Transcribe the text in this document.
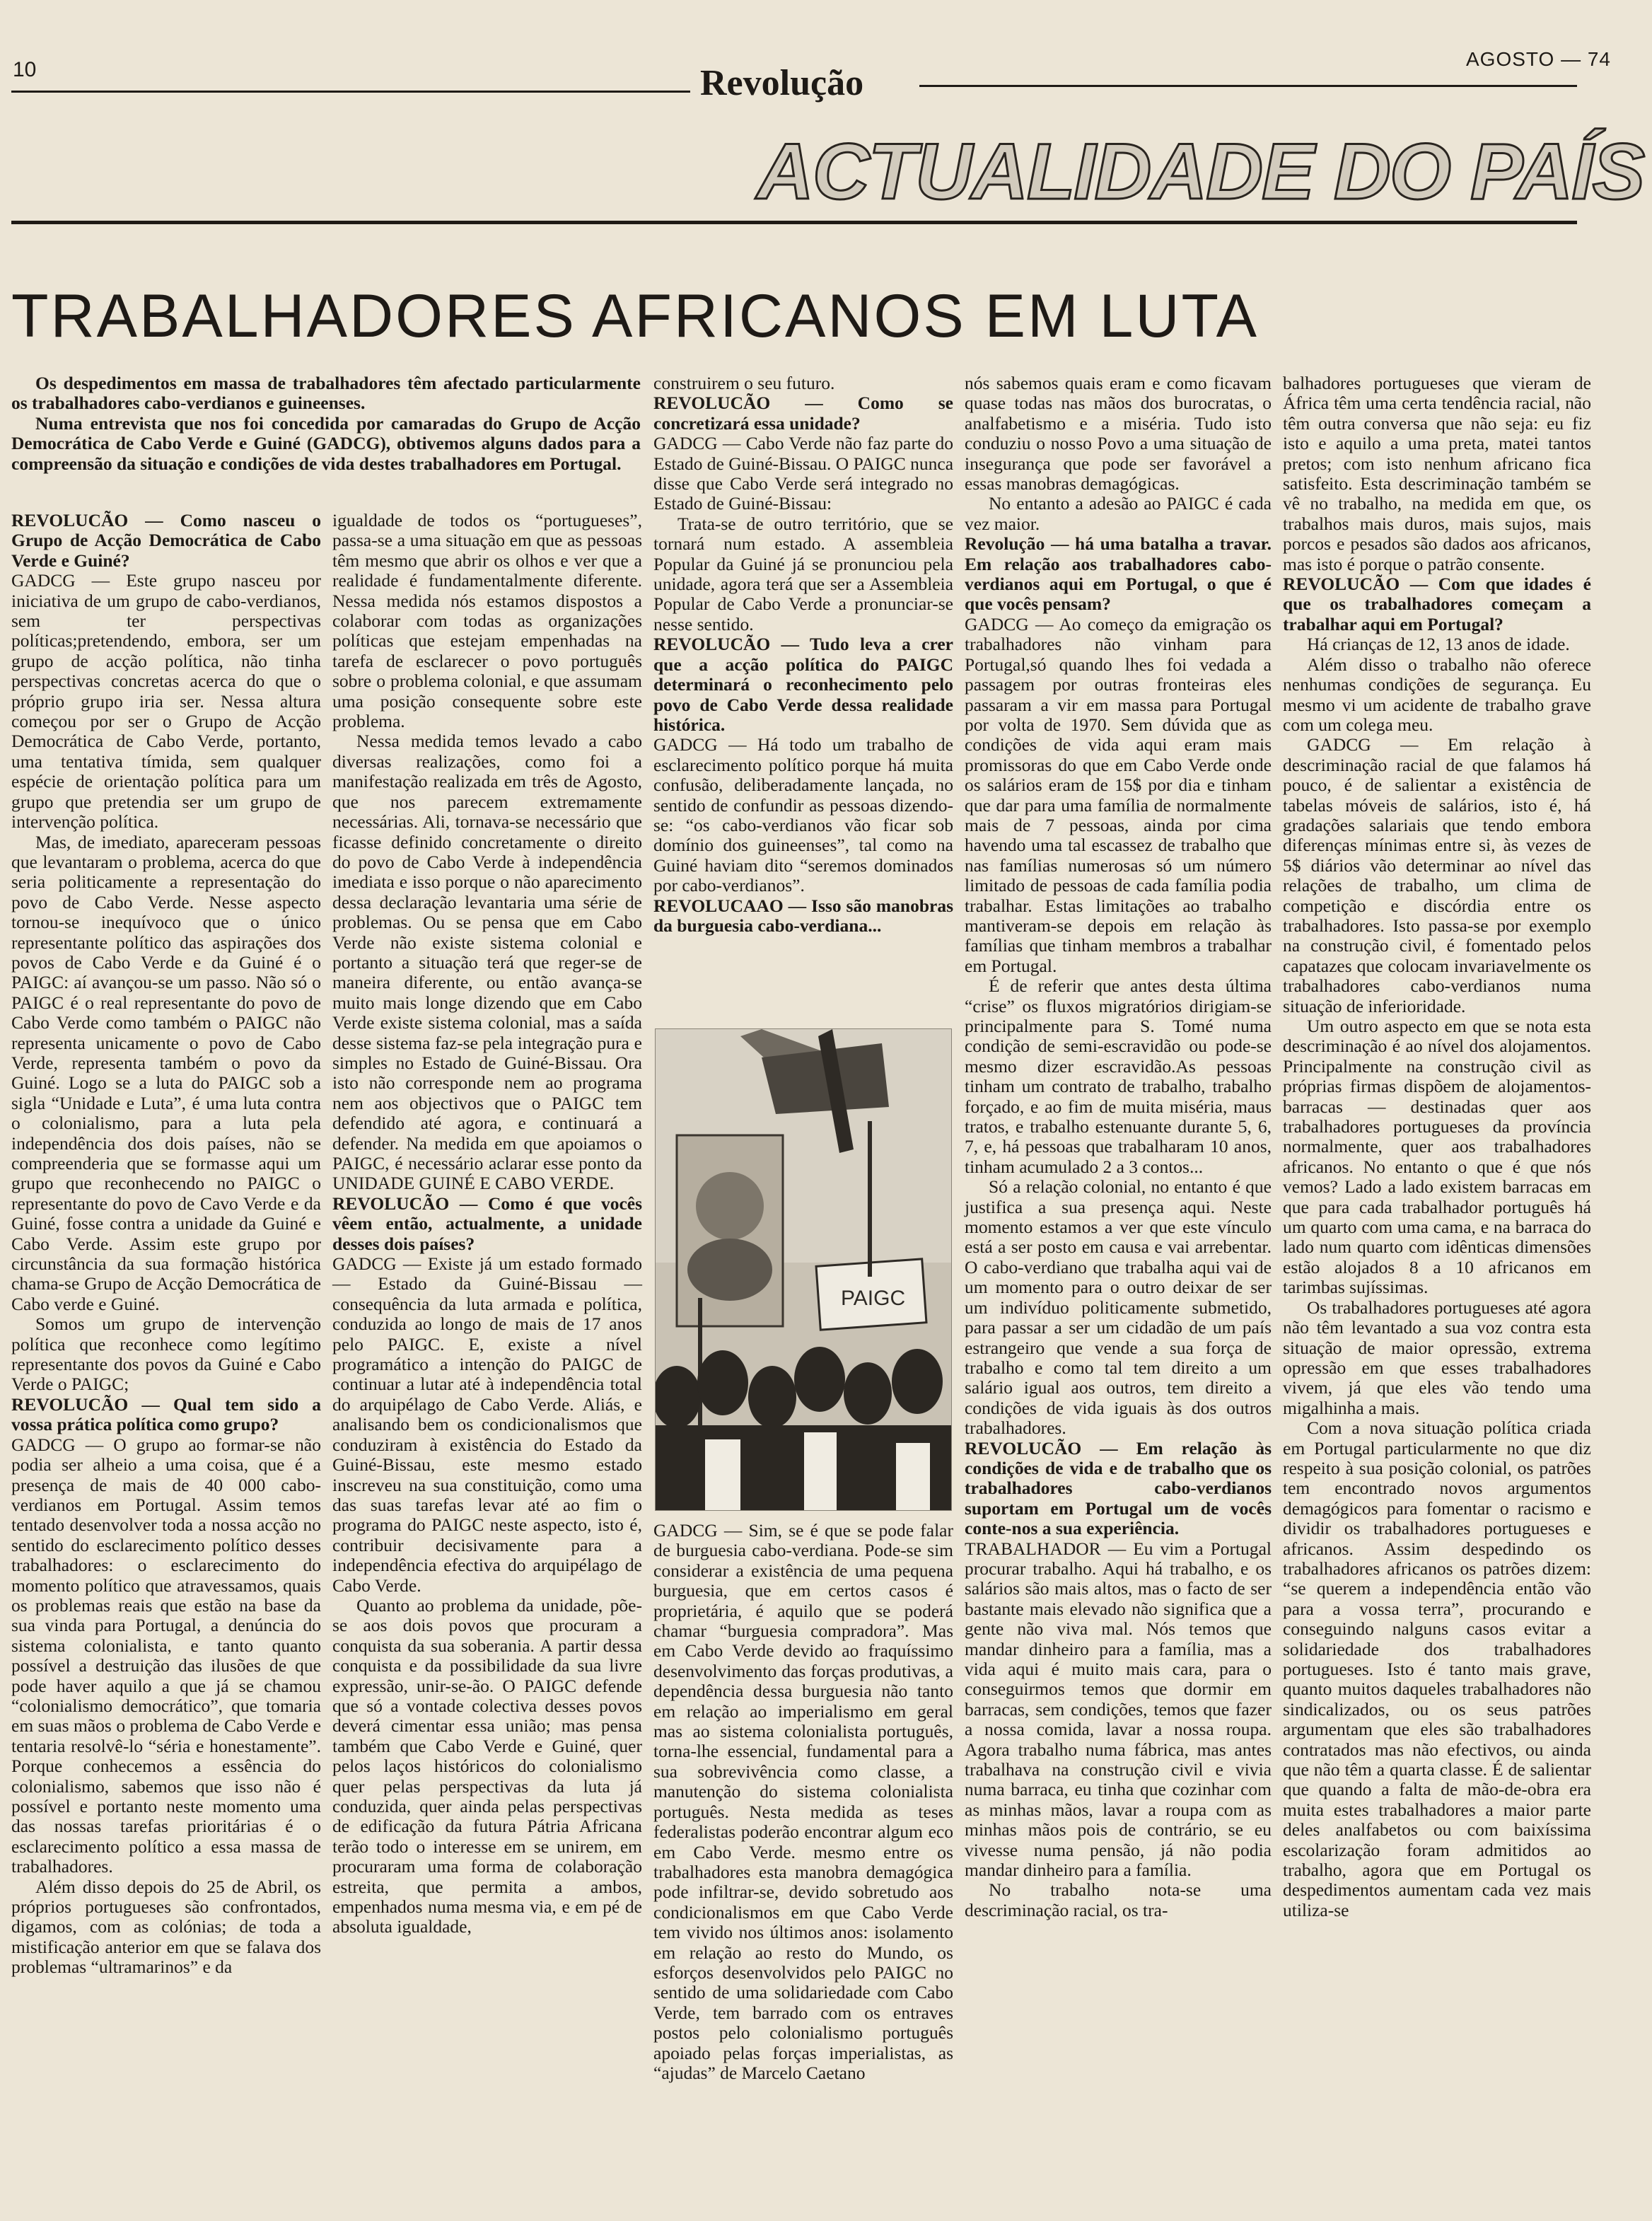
10	Revolução
AGOSTO — 74
ACTUALIDADE DO PAÍS
TRABALHADORES AFRICANOS EM LUTA

Os despedimentos em massa de trabalhadores têm afectado particularmente os trabalhadores cabo-verdianos e guineenses.

Numa entrevista que nos foi concedida por camaradas do Grupo de Acção Democrática de Cabo Verde e Guiné (GADCG), obtivemos alguns dados para a compreensão da situação e condições de vida destes trabalhadores em Portugal.

REVOLUCÃO — Como nasceu o Grupo de Acção Democrática de Cabo Verde e Guiné?

GADCG — Este grupo nasceu por iniciativa de um grupo de cabo-verdianos, sem ter perspectivas políticas;pretendendo, embora, ser um grupo de acção política, não tinha perspectivas concretas acerca do que o próprio grupo iria ser. Nessa altura começou por ser o Grupo de Acção Democrática de Cabo Verde, portanto, uma tentativa tímida, sem qualquer espécie de orientação política para um grupo que pretendia ser um grupo de intervenção política.

Mas, de imediato, apareceram pessoas que levantaram o problema, acerca do que seria politicamente a representação do povo de Cabo Verde. Nesse aspecto tornou-se inequívoco que o único representante político das aspirações dos povos de Cabo Verde e da Guiné é o PAIGC: aí avançou-se um passo. Não só o PAIGC é o real representante do povo de Cabo Verde como também o PAIGC não representa unicamente o povo de Cabo Verde, representa também o povo da Guiné. Logo se a luta do PAIGC sob a sigla “Unidade e Luta”, é uma luta contra o colonialismo, para a luta pela independência dos dois países, não se compreenderia que se formasse aqui um grupo que reconhecendo no PAIGC o representante do povo de Cavo Verde e da Guiné, fosse contra a unidade da Guiné e Cabo Verde. Assim este grupo por circunstância da sua formação histórica chama-se Grupo de Acção Democrática de Cabo verde e Guiné.

Somos um grupo de intervenção política que reconhece como legítimo representante dos povos da Guiné e Cabo Verde o PAIGC;

REVOLUCÃO — Qual tem sido a vossa prática política como grupo?

GADCG — O grupo ao formar-se não podia ser alheio a uma coisa, que é a presença de mais de 40 000 cabo-verdianos em Portugal. Assim temos tentado desenvolver toda a nossa acção no sentido do esclarecimento político desses trabalhadores: o esclarecimento do momento político que atravessamos, quais os problemas reais que estão na base da sua vinda para Portugal, a denúncia do sistema colonialista, e tanto quanto possível a destruição das ilusões de que pode haver aquilo a que já se chamou “colonialismo democrático”, que tomaria em suas mãos o problema de Cabo Verde e tentaria resolvê-lo “séria e honestamente”. Porque conhecemos a essência do colonialismo, sabemos que isso não é possível e portanto neste momento uma das nossas tarefas prioritárias é o esclarecimento político a essa massa de trabalhadores.

Além disso depois do 25 de Abril, os próprios portugueses são confrontados, digamos, com as colónias; de toda a mistificação anterior em que se falava dos problemas “ultramarinos” e da

igualdade de todos os “portugueses”, passa-se a uma situação em que as pessoas têm mesmo que abrir os olhos e ver que a realidade é fundamentalmente diferente. Nessa medida nós estamos dispostos a colaborar com todas as organizações políticas que estejam empenhadas na tarefa de esclarecer o povo português sobre o problema colonial, e que assumam uma posição consequente sobre este problema.

Nessa medida temos levado a cabo diversas realizações, como foi a manifestação realizada em três de Agosto, que nos parecem extremamente necessárias. Ali, tornava-se necessário que ficasse definido concretamente o direito do povo de Cabo Verde à independência imediata e isso porque o não aparecimento dessa declaração levantaria uma série de problemas. Ou se pensa que em Cabo Verde não existe sistema colonial e portanto a situação terá que reger-se de maneira diferente, ou então avança-se muito mais longe dizendo que em Cabo Verde existe sistema colonial, mas a saída desse sistema faz-se pela integração pura e simples no Estado de Guiné-Bissau. Ora isto não corresponde nem ao programa nem aos objectivos que o PAIGC tem defendido até agora, e continuará a defender. Na medida em que apoiamos o PAIGC, é necessário aclarar esse ponto da UNIDADE GUINÉ E CABO VERDE.

REVOLUCÃO — Como é que vocês vêem então, actualmente, a unidade desses dois países?

GADCG — Existe já um estado formado — Estado da Guiné-Bissau — consequência da luta armada e política, conduzida ao longo de mais de 17 anos pelo PAIGC. E, existe a nível programático a intenção do PAIGC de continuar a lutar até à independência total do arquipélago de Cabo Verde. Aliás, e analisando bem os condicionalismos que conduziram à existência do Estado da Guiné-Bissau, este mesmo estado inscreveu na sua constituição, como uma das suas tarefas levar até ao fim o programa do PAIGC neste aspecto, isto é, contribuir decisivamente para a independência efectiva do arquipélago de Cabo Verde.

Quanto ao problema da unidade, põe-se aos dois povos que procuram a conquista da sua soberania. A partir dessa conquista e da possibilidade da sua livre expressão, unir-se-ão. O PAIGC defende que só a vontade colectiva desses povos deverá cimentar essa união; mas pensa também que Cabo Verde e Guiné, quer pelos laços históricos do colonialismo quer pelas perspectivas da luta já conduzida, quer ainda pelas perspectivas de edificação da futura Pátria Africana terão todo o interesse em se unirem, em procuraram uma forma de colaboração estreita, que permita a ambos, empenhados numa mesma via, e em pé de absoluta igualdade,

construirem o seu futuro.

REVOLUCÃO — Como se concretizará essa unidade?

GADCG — Cabo Verde não faz parte do Estado de Guiné-Bissau. O PAIGC nunca disse que Cabo Verde será integrado no Estado de Guiné-Bissau:

Trata-se de outro território, que se tornará num estado. A assembleia Popular da Guiné já se pronunciou pela unidade, agora terá que ser a Assembleia Popular de Cabo Verde a pronunciar-se nesse sentido.

REVOLUCÃO — Tudo leva a crer que a acção política do PAIGC determinará o reconhecimento pelo povo de Cabo Verde dessa realidade histórica.

GADCG — Há todo um trabalho de esclarecimento político porque há muita confusão, deliberadamente lançada, no sentido de confundir as pessoas dizendo-se: “os cabo-verdianos vão ficar sob domínio dos guineenses”, tal como na Guiné haviam dito “seremos dominados por cabo-verdianos”.

REVOLUCAAO — Isso são manobras da burguesia cabo-verdiana...

PAIGC

GADCG — Sim, se é que se pode falar de burguesia cabo-verdiana. Pode-se sim considerar a existência de uma pequena burguesia, que em certos casos é proprietária, é aquilo que se poderá chamar “burguesia compradora”. Mas em Cabo Verde devido ao fraquíssimo desenvolvimento das forças produtivas, a dependência dessa burguesia não tanto em relação ao imperialismo em geral mas ao sistema colonialista português, torna-lhe essencial, fundamental para a sua sobrevivência como classe, a manutenção do sistema colonialista português. Nesta medida as teses federalistas poderão encontrar algum eco em Cabo Verde. mesmo entre os trabalhadores esta manobra demagógica pode infiltrar-se, devido sobretudo aos condicionalismos em que Cabo Verde tem vivido nos últimos anos: isolamento em relação ao resto do Mundo, os esforços desenvolvidos pelo PAIGC no sentido de uma solidariedade com Cabo Verde, tem barrado com os entraves postos pelo colonialismo português apoiado pelas forças imperialistas, as “ajudas” de Marcelo Caetano

nós sabemos quais eram e como ficavam quase todas nas mãos dos burocratas, o analfabetismo e a miséria. Tudo isto conduziu o nosso Povo a uma situação de insegurança que pode ser favorável a essas manobras demagógicas.

No entanto a adesão ao PAIGC é cada vez maior.

Revolução — há uma batalha a travar. Em relação aos trabalhadores cabo-verdianos aqui em Portugal, o que é que vocês pensam?

GADCG — Ao começo da emigração os trabalhadores não vinham para Portugal,só quando lhes foi vedada a passagem por outras fronteiras eles passaram a vir em massa para Portugal por volta de 1970. Sem dúvida que as condições de vida aqui eram mais promissoras do que em Cabo Verde onde os salários eram de 15$ por dia e tinham que dar para uma família de normalmente mais de 7 pessoas, ainda por cima havendo uma tal escassez de trabalho que nas famílias numerosas só um número limitado de pessoas de cada família podia trabalhar. Estas limitações ao trabalho mantiveram-se depois em relação às famílias que tinham membros a trabalhar em Portugal.

É de referir que antes desta última “crise” os fluxos migratórios dirigiam-se principalmente para S. Tomé numa condição de semi-escravidão ou pode-se mesmo dizer escravidão.As pessoas tinham um contrato de trabalho, trabalho forçado, e ao fim de muita miséria, maus tratos, e trabalho estenuante durante 5, 6, 7, e, há pessoas que trabalharam 10 anos, tinham acumulado 2 a 3 contos...

Só a relação colonial, no entanto é que justifica a sua presença aqui. Neste momento estamos a ver que este vínculo está a ser posto em causa e vai arrebentar. O cabo-verdiano que trabalha aqui vai de um momento para o outro deixar de ser um indivíduo politicamente submetido, para passar a ser um cidadão de um país estrangeiro que vende a sua força de trabalho e como tal tem direito a um salário igual aos outros, tem direito a condições de vida iguais às dos outros trabalhadores.

REVOLUCÃO — Em relação às condições de vida e de trabalho que os trabalhadores cabo-verdianos suportam em Portugal um de vocês conte-nos a sua experiência.

TRABALHADOR — Eu vim a Portugal procurar trabalho. Aqui há trabalho, e os salários são mais altos, mas o facto de ser bastante mais elevado não significa que a gente não viva mal. Nós temos que mandar dinheiro para a família, mas a vida aqui é muito mais cara, para o conseguirmos temos que dormir em barracas, sem condições, temos que fazer a nossa comida, lavar a nossa roupa. Agora trabalho numa fábrica, mas antes trabalhava na construção civil e vivia numa barraca, eu tinha que cozinhar com as minhas mãos, lavar a roupa com as minhas mãos pois de contrário, se eu vivesse numa pensão, já não podia mandar dinheiro para a família.

No trabalho nota-se uma descriminação racial, os tra-

balhadores portugueses que vieram de África têm uma certa tendência racial, não têm outra conversa que não seja: eu fiz isto e aquilo a uma preta, matei tantos pretos; com isto nenhum africano fica satisfeito. Esta descriminação também se vê no trabalho, na medida em que, os trabalhos mais duros, mais sujos, mais porcos e pesados são dados aos africanos, mas isto é porque o patrão consente.

REVOLUCÃO — Com que idades é que os trabalhadores começam a trabalhar aqui em Portugal?

Há crianças de 12, 13 anos de idade.

Além disso o trabalho não oferece nenhumas condições de segurança. Eu mesmo vi um acidente de trabalho grave com um colega meu.

GADCG — Em relação à descriminação racial de que falamos há pouco, é de salientar a existência de tabelas móveis de salários, isto é, há gradações salariais que tendo embora diferenças mínimas entre si, às vezes de 5$ diários vão determinar ao nível das relações de trabalho, um clima de competição e discórdia entre os trabalhadores. Isto passa-se por exemplo na construção civil, é fomentado pelos capatazes que colocam invariavelmente os trabalhadores cabo-verdianos numa situação de inferioridade.

Um outro aspecto em que se nota esta descriminação é ao nível dos alojamentos. Principalmente na construção civil as próprias firmas dispõem de alojamentos-barracas — destinadas quer aos trabalhadores portugueses da província normalmente, quer aos trabalhadores africanos. No entanto o que é que nós vemos? Lado a lado existem barracas em que para cada trabalhador português há um quarto com uma cama, e na barraca do lado num quarto com idênticas dimensões estão alojados 8 a 10 africanos em tarimbas sujíssimas.

Os trabalhadores portugueses até agora não têm levantado a sua voz contra esta situação de maior opressão, extrema opressão em que esses trabalhadores vivem, já que eles vão tendo uma migalhinha a mais.

Com a nova situação política criada em Portugal particularmente no que diz respeito à sua posição colonial, os patrões tem encontrado novos argumentos demagógicos para fomentar o racismo e dividir os trabalhadores portugueses e africanos. Assim despedindo os trabalhadores africanos os patrões dizem: “se querem a independência então vão para a vossa terra”, procurando e conseguindo nalguns casos evitar a solidariedade dos trabalhadores portugueses. Isto é tanto mais grave, quanto muitos daqueles trabalhadores não sindicalizados, ou os seus patrões argumentam que eles são trabalhadores contratados mas não efectivos, ou ainda que não têm a quarta classe. É de salientar que quando a falta de mão-de-obra era muita estes trabalhadores a maior parte deles analfabetos ou com baixíssima escolarização foram admitidos ao trabalho, agora que em Portugal os despedimentos aumentam cada vez mais utiliza-se
